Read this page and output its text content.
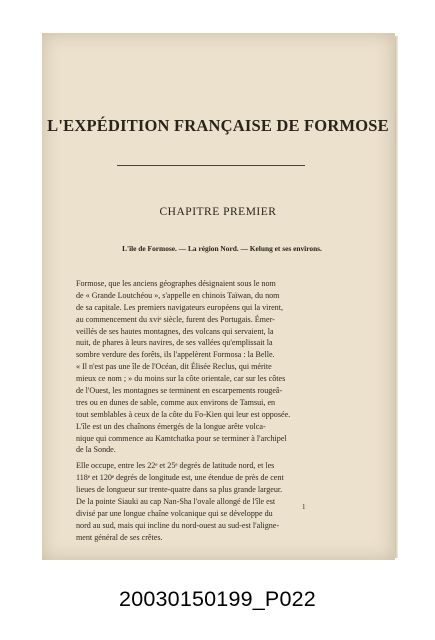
L'EXPÉDITION FRANÇAISE DE FORMOSE
CHAPITRE PREMIER
L'île de Formose. — La région Nord. — Kelung et ses environs.
Formose, que les anciens géographes désignaient sous le nom
de « Grande Loutchéou », s'appelle en chinois Taïwan, du nom
de sa capitale. Les premiers navigateurs européens qui la virent,
au commencement du xviᵉ siècle, furent des Portugais. Émer-
veillés de ses hautes montagnes, des volcans qui servaient, la
nuit, de phares à leurs navires, de ses vallées qu'emplissait la
sombre verdure des forêts, ils l'appelèrent Formosa : la Belle.
« Il n'est pas une île de l'Océan, dit Élisée Reclus, qui mérite
mieux ce nom ; » du moins sur la côte orientale, car sur les côtes
de l'Ouest, les montagnes se terminent en escarpements rougeâ-
tres ou en dunes de sable, comme aux environs de Tamsui, en
tout semblables à ceux de la côte du Fo-Kien qui leur est opposée.
L'île est un des chaînons émergés de la longue arête volca-
nique qui commence au Kamtchatka pour se terminer à l'archipel
de la Sonde.
Elle occupe, entre les 22ᵉ et 25ᵉ degrés de latitude nord, et les
118ᵉ et 120ᵉ degrés de longitude est, une étendue de près de cent
lieues de longueur sur trente-quatre dans sa plus grande largeur.
De la pointe Siauki au cap Nan-Sha l'ovale allongé de l'île est
divisé par une longue chaîne volcanique qui se développe du
nord au sud, mais qui incline du nord-ouest au sud-est l'aligne-
ment général de ses crêtes.
1
20030150199_P022
